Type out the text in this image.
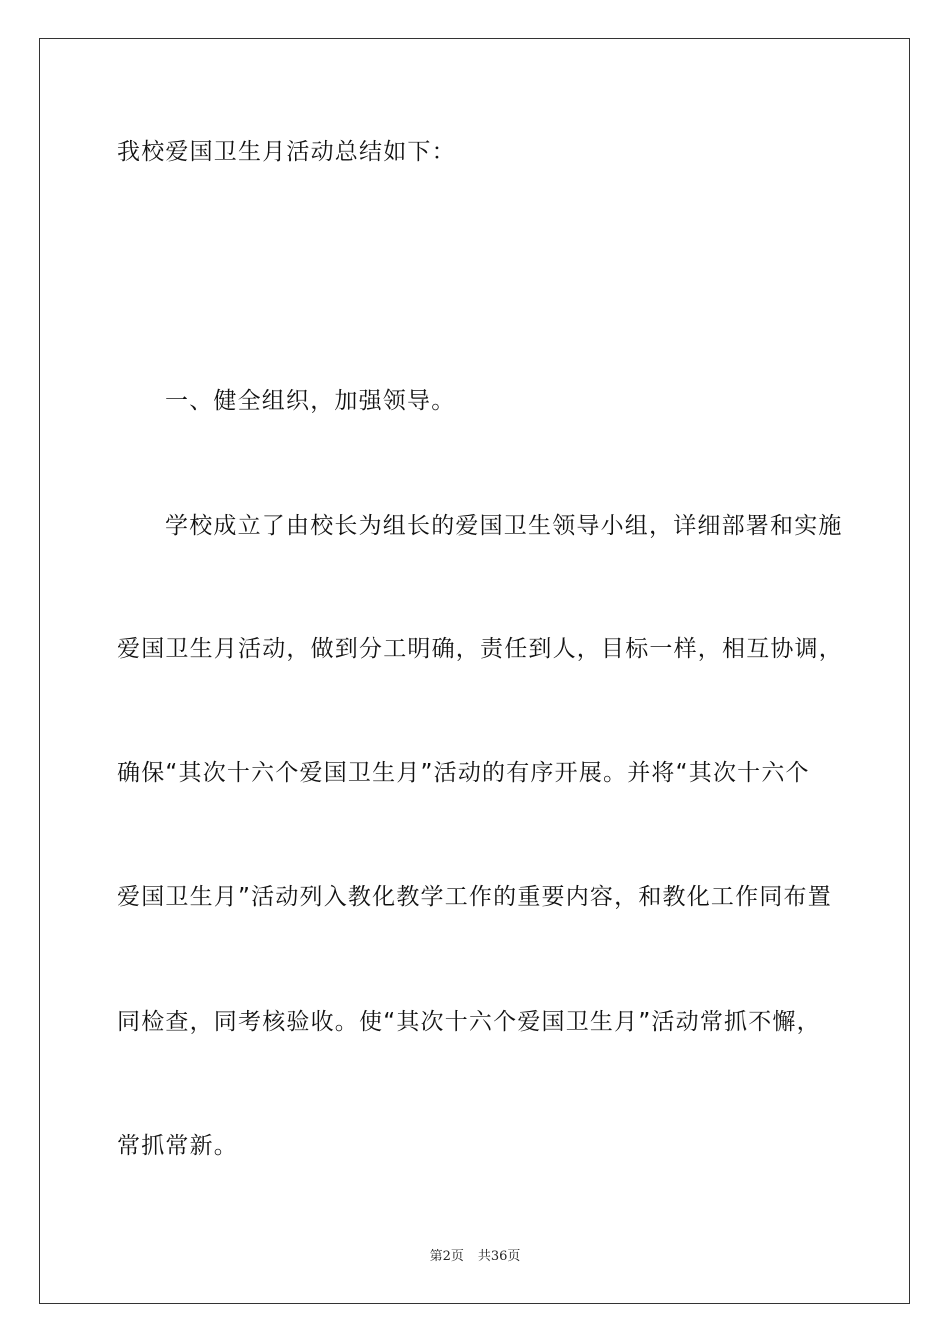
我校爱国卫生月活动总结如下：
一、健全组织，加强领导。
学校成立了由校长为组长的爱国卫生领导小组，详细部署和实施
爱国卫生月活动，做到分工明确，责任到人，目标一样，相互协调，
确保“其次十六个爱国卫生月”活动的有序开展。并将“其次十六个
爱国卫生月”活动列入教化教学工作的重要内容，和教化工作同布置
同检查，同考核验收。使“其次十六个爱国卫生月”活动常抓不懈，
常抓常新。
第2页 共36页
